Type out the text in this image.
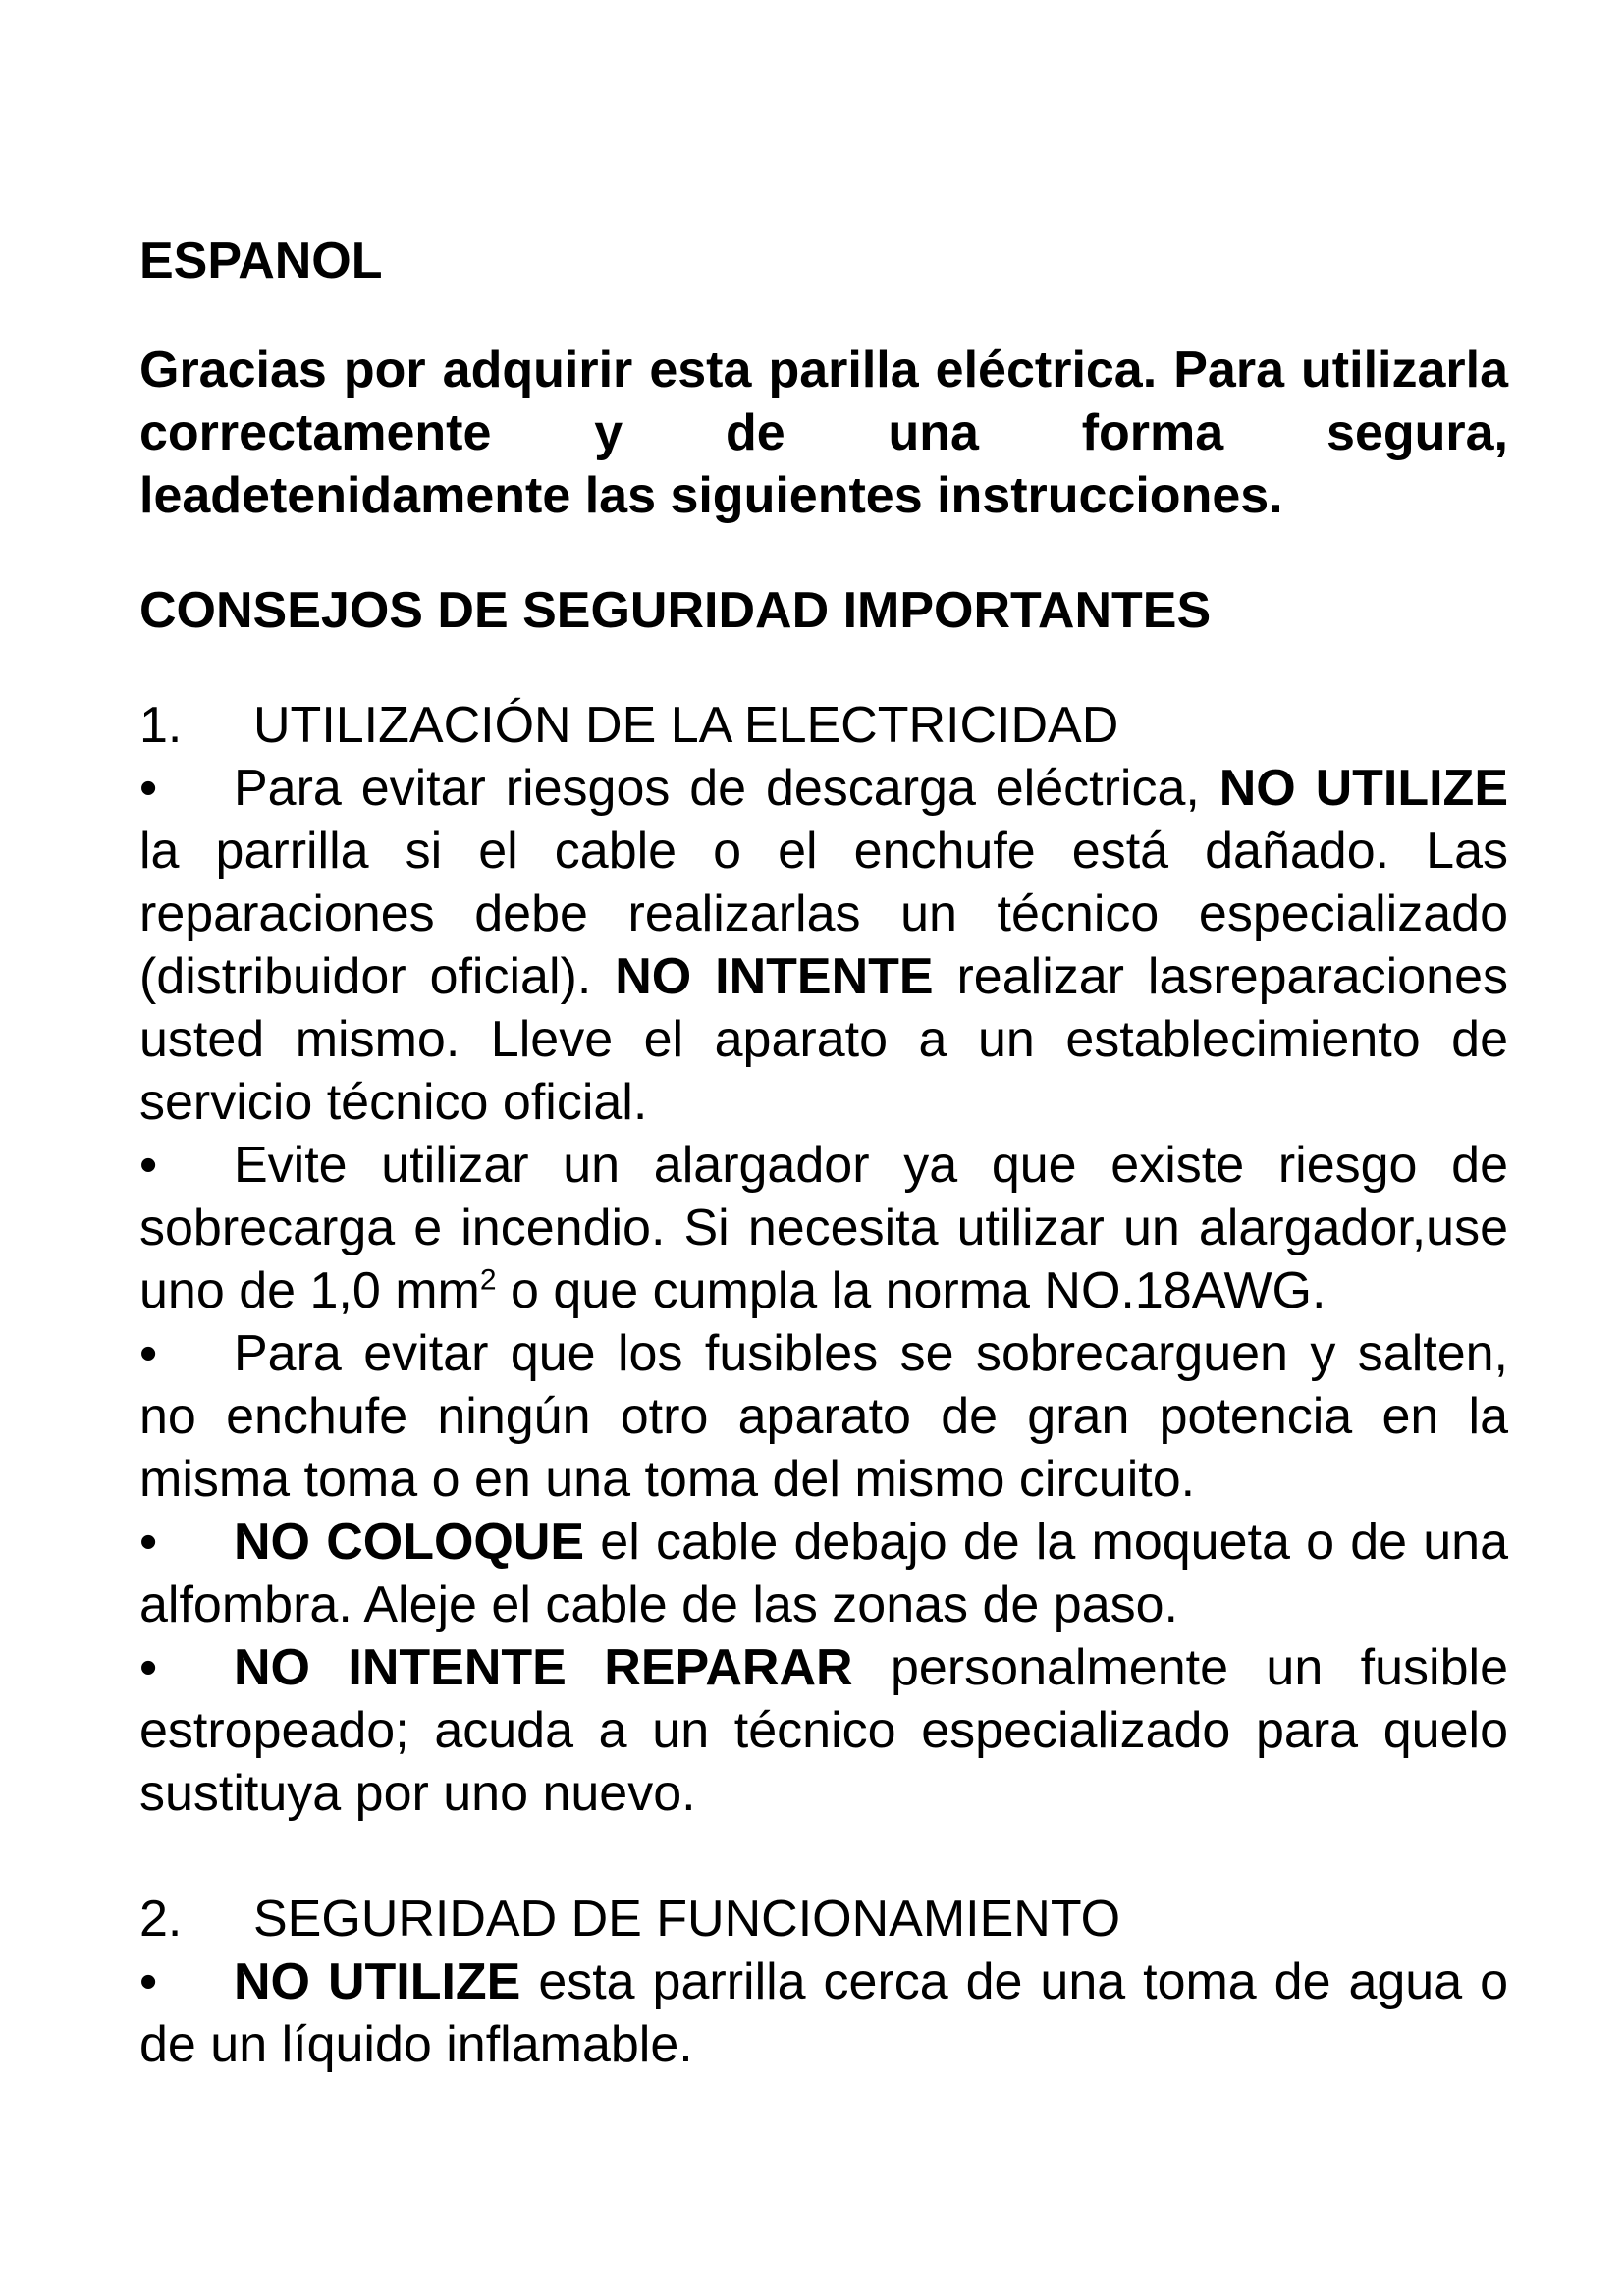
ESPANOL
Gracias por adquirir esta parilla eléctrica. Para utilizarla correctamente y de una forma segura, leadetenidamente las siguientes instrucciones.
CONSEJOS DE SEGURIDAD IMPORTANTES
1.	UTILIZACIÓN DE LA ELECTRICIDAD

• Para evitar riesgos de descarga eléctrica, NO UTILIZE la parrilla si el cable o el enchufe está dañado. Las reparaciones debe realizarlas un técnico especializado (distribuidor oficial). NO INTENTE realizar lasreparaciones usted mismo. Lleve el aparato a un establecimiento de servicio técnico oficial.

• Evite utilizar un alargador ya que existe riesgo de sobrecarga e incendio. Si necesita utilizar un alargador,use uno de 1,0 $mm^2$ o que cumpla la norma NO.18AWG.

• Para evitar que los fusibles se sobrecarguen y salten, no enchufe ningún otro aparato de gran potencia en la misma toma o en una toma del mismo circuito.

• NO COLOQUE el cable debajo de la moqueta o de una alfombra. Aleje el cable de las zonas de paso.

• NO INTENTE REPARAR personalmente un fusible estropeado; acuda a un técnico especializado para quelo sustituya por uno nuevo.

2.	SEGURIDAD DE FUNCIONAMIENTO

• NO UTILIZE esta parrilla cerca de una toma de agua o de un líquido inflamable.
